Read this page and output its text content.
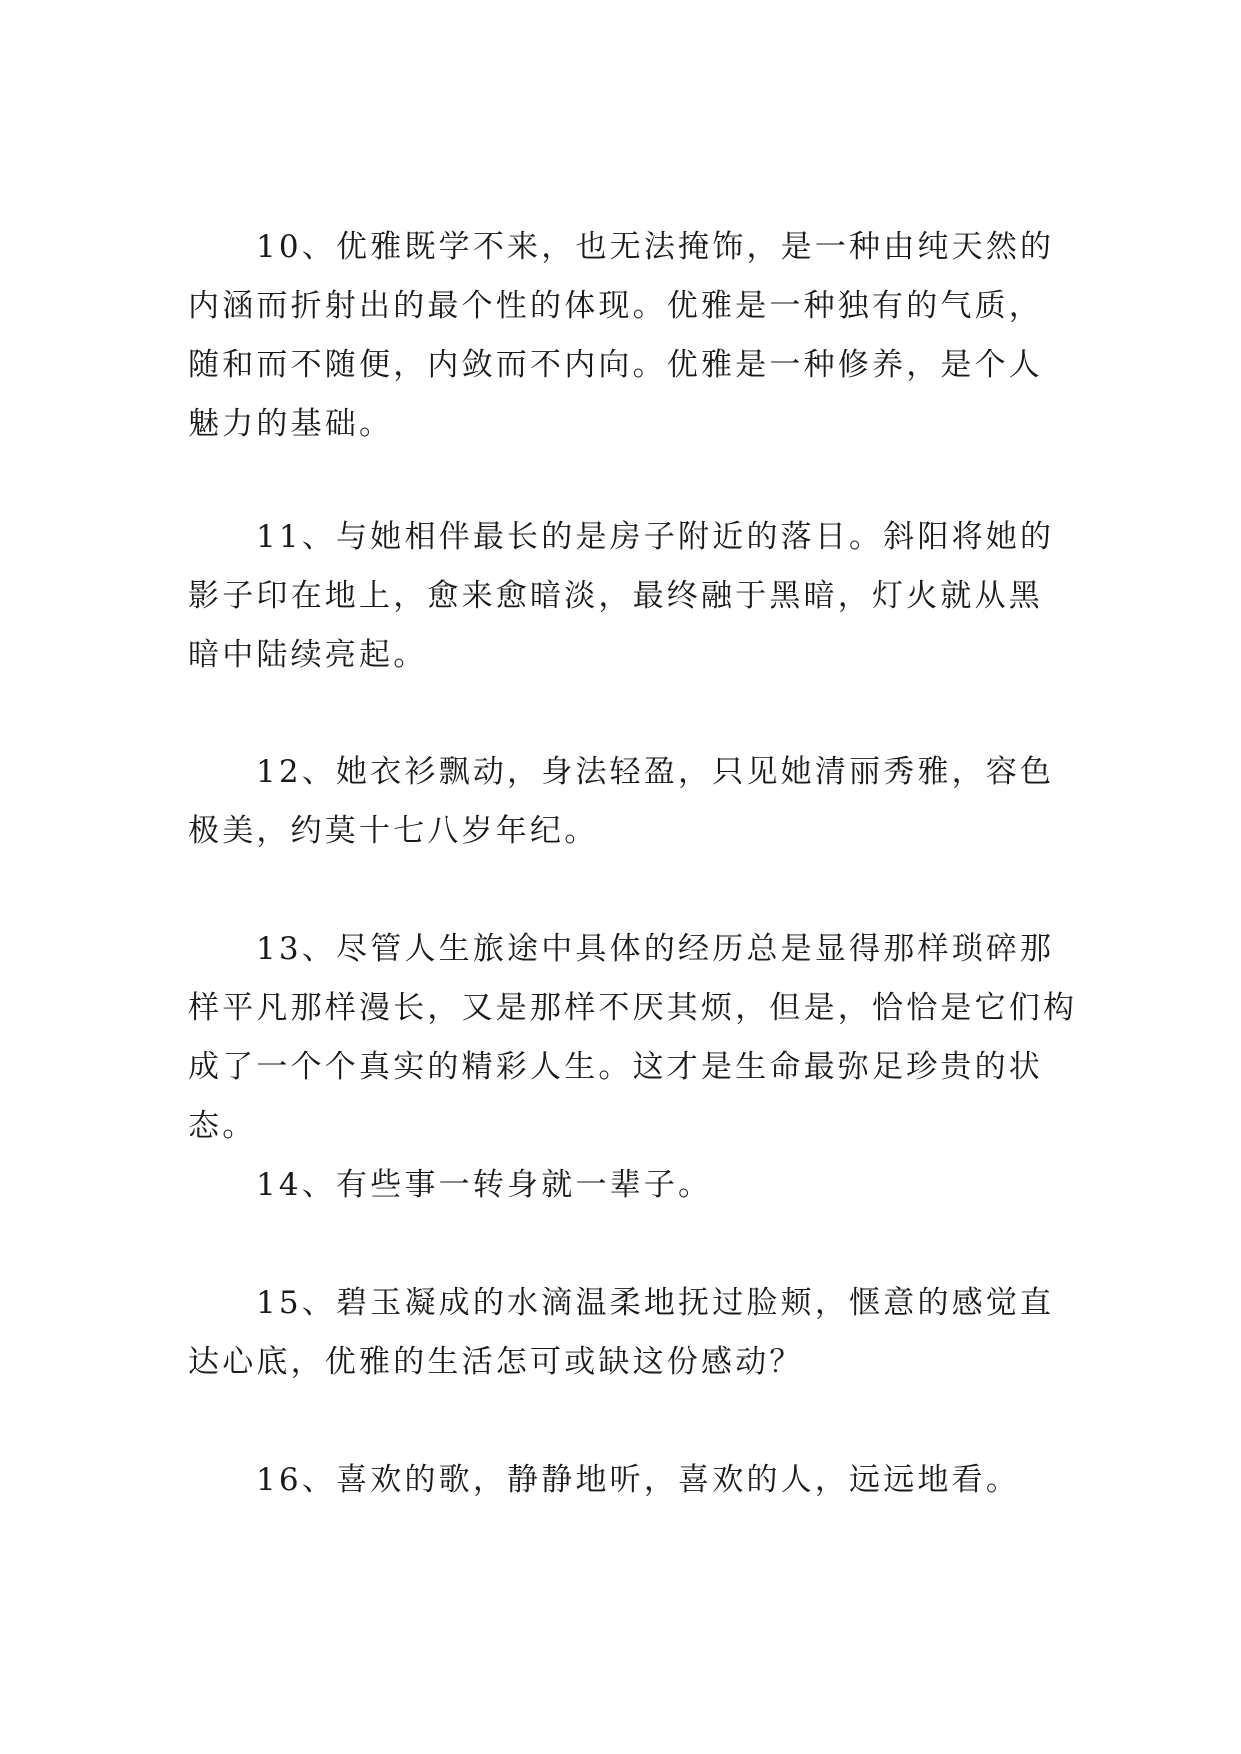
10、优雅既学不来，也无法掩饰，是一种由纯天然的内涵而折射出的最个性的体现。优雅是一种独有的气质，随和而不随便，内敛而不内向。优雅是一种修养，是个人魅力的基础。

11、与她相伴最长的是房子附近的落日。斜阳将她的影子印在地上，愈来愈暗淡，最终融于黑暗，灯火就从黑暗中陆续亮起。

12、她衣衫飘动，身法轻盈，只见她清丽秀雅，容色极美，约莫十七八岁年纪。

13、尽管人生旅途中具体的经历总是显得那样琐碎那样平凡那样漫长，又是那样不厌其烦，但是，恰恰是它们构成了一个个真实的精彩人生。这才是生命最弥足珍贵的状态。

14、有些事一转身就一辈子。

15、碧玉凝成的水滴温柔地抚过脸颊，惬意的感觉直达心底，优雅的生活怎可或缺这份感动？

16、喜欢的歌，静静地听，喜欢的人，远远地看。
